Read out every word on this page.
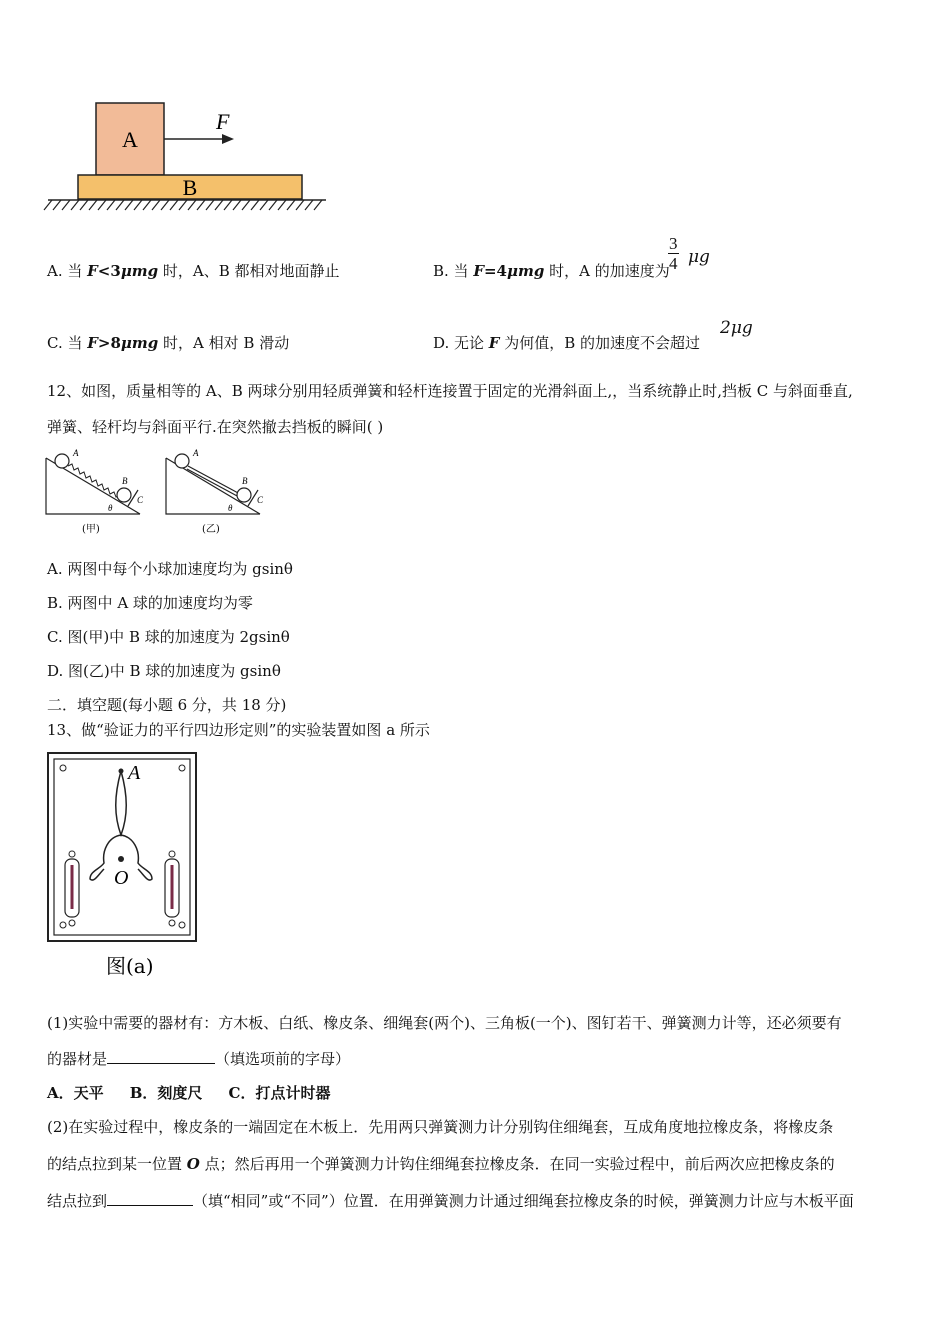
A
F
B
A. 当 F<3μmg 时，A、B 都相对地面静止	B. 当 F=4μmg 时，A 的加速度为
$\frac{3}{4}$ μg
C. 当 F>8μmg 时，A 相对 B 滑动	D. 无论 F 为何值，B 的加速度不会超过
2μg
12、如图，质量相等的 A、B 两球分别用轻质弹簧和轻杆连接置于固定的光滑斜面上,，当系统静止时,挡板 C 与斜面垂直,
弹簧、轻杆均与斜面平行.在突然撤去挡板的瞬间( )
A
B
C
θ
(甲)
A
B
C
θ
(乙)
A. 两图中每个小球加速度均为 gsinθ
B. 两图中 A 球的加速度均为零
C. 图(甲)中 B 球的加速度为 2gsinθ
D. 图(乙)中 B 球的加速度为 gsinθ
二．填空题(每小题 6 分，共 18 分)
13、做“验证力的平行四边形定则”的实验装置如图 a 所示
A
O
图(a)
(1)实验中需要的器材有：方木板、白纸、橡皮条、细绳套(两个)、三角板(一个)、图钉若干、弹簧测力计等，还必须要有
的器材是	（填选项前的字母）
A．天平     B．刻度尺     C．打点计时器
(2)在实验过程中，橡皮条的一端固定在木板上．先用两只弹簧测力计分别钩住细绳套，互成角度地拉橡皮条，将橡皮条
的结点拉到某一位置 O 点；然后再用一个弹簧测力计钩住细绳套拉橡皮条．在同一实验过程中，前后两次应把橡皮条的
结点拉到	（填“相同”或“不同”）位置．在用弹簧测力计通过细绳套拉橡皮条的时候，弹簧测力计应与木板平面
